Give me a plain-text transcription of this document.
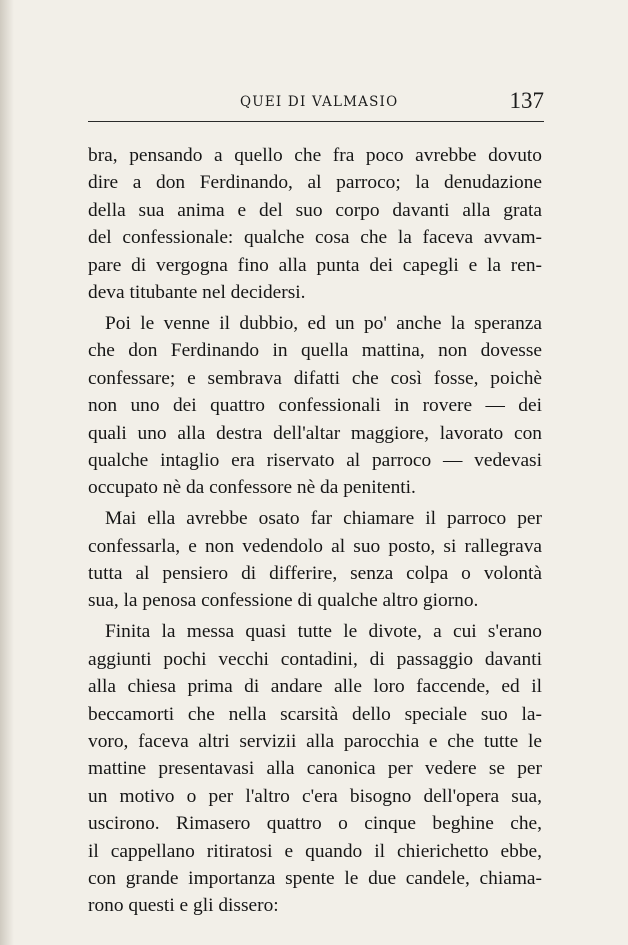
QUEI DI VALMASIO	137
bra, pensando a quello che fra poco avrebbe dovuto
dire a don Ferdinando, al parroco; la denudazione
della sua anima e del suo corpo davanti alla grata
del confessionale: qualche cosa che la faceva avvam-
pare di vergogna fino alla punta dei capegli e la ren-
deva titubante nel decidersi.
Poi le venne il dubbio, ed un po' anche la speranza
che don Ferdinando in quella mattina, non dovesse
confessare; e sembrava difatti che così fosse, poichè
non uno dei quattro confessionali in rovere — dei
quali uno alla destra dell'altar maggiore, lavorato con
qualche intaglio era riservato al parroco — vedevasi
occupato nè da confessore nè da penitenti.
Mai ella avrebbe osato far chiamare il parroco per
confessarla, e non vedendolo al suo posto, si rallegrava
tutta al pensiero di differire, senza colpa o volontà
sua, la penosa confessione di qualche altro giorno.
Finita la messa quasi tutte le divote, a cui s'erano
aggiunti pochi vecchi contadini, di passaggio davanti
alla chiesa prima di andare alle loro faccende, ed il
beccamorti che nella scarsità dello speciale suo la-
voro, faceva altri servizii alla parocchia e che tutte le
mattine presentavasi alla canonica per vedere se per
un motivo o per l'altro c'era bisogno dell'opera sua,
uscirono. Rimasero quattro o cinque beghine che,
il cappellano ritiratosi e quando il chierichetto ebbe,
con grande importanza spente le due candele, chiama-
rono questi e gli dissero:
